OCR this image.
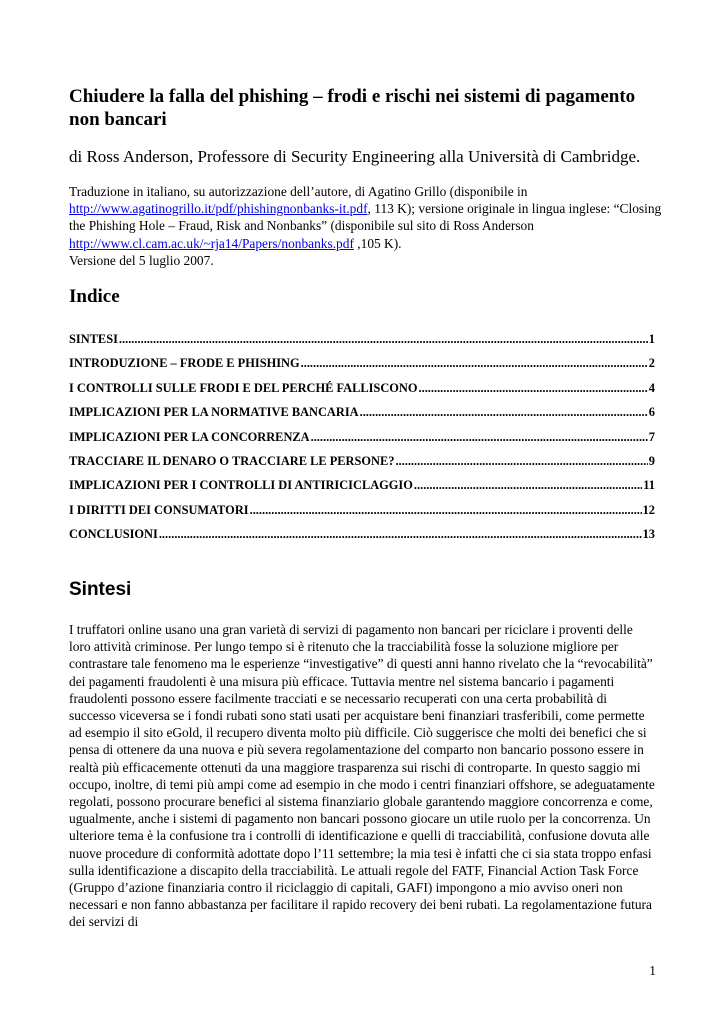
Chiudere la falla del phishing – frodi e rischi nei sistemi di pagamento non bancari

di Ross Anderson, Professore di Security Engineering alla Università di Cambridge.

Traduzione in italiano, su autorizzazione dell’autore, di Agatino Grillo (disponibile in http://www.agatinogrillo.it/pdf/phishingnonbanks-it.pdf, 113 K); versione originale in lingua inglese: “Closing the Phishing Hole – Fraud, Risk and Nonbanks” (disponibile sul sito di Ross Anderson http://www.cl.cam.ac.uk/~rja14/Papers/nonbanks.pdf ,105 K).
Versione del 5 luglio 2007.

Indice
SINTESI .....	1
INTRODUZIONE – FRODE E PHISHING .....	2
I CONTROLLI SULLE FRODI E DEL PERCHÉ FALLISCONO .....	4
IMPLICAZIONI PER LA NORMATIVE BANCARIA .....	6
IMPLICAZIONI PER LA CONCORRENZA .....	7
TRACCIARE IL DENARO O TRACCIARE LE PERSONE? .....	9
IMPLICAZIONI PER I CONTROLLI DI ANTIRICICLAGGIO .....	11
I DIRITTI DEI CONSUMATORI .....	12
CONCLUSIONI .....	13
Sintesi

I truffatori online usano una gran varietà di servizi di pagamento non bancari per riciclare i proventi delle loro attività criminose. Per lungo tempo si è ritenuto che la tracciabilità fosse la soluzione migliore per contrastare tale fenomeno ma le esperienze “investigative” di questi anni hanno rivelato che la “revocabilità” dei pagamenti fraudolenti è una misura più efficace. Tuttavia mentre nel sistema bancario i pagamenti fraudolenti possono essere facilmente tracciati e se necessario recuperati con una certa probabilità di successo viceversa se i fondi rubati sono stati usati per acquistare beni finanziari trasferibili, come permette ad esempio il sito eGold, il recupero diventa molto più difficile. Ciò suggerisce che molti dei benefici che si pensa di ottenere da una nuova e più severa regolamentazione del comparto non bancario possono essere in realtà più efficacemente ottenuti da una maggiore trasparenza sui rischi di controparte. In questo saggio mi occupo, inoltre, di temi più ampi come ad esempio in che modo i centri finanziari offshore, se adeguatamente regolati, possono procurare benefici al sistema finanziario globale garantendo maggiore concorrenza e come, ugualmente, anche i sistemi di pagamento non bancari possono giocare un utile ruolo per la concorrenza. Un ulteriore tema è la confusione tra i controlli di identificazione e quelli di tracciabilità, confusione dovuta alle nuove procedure di conformità adottate dopo l’11 settembre; la mia tesi è infatti che ci sia stata troppo enfasi sulla identificazione a discapito della tracciabilità. Le attuali regole del FATF, Financial Action Task Force (Gruppo d’azione finanziaria contro il riciclaggio di capitali, GAFI) impongono a mio avviso oneri non necessari e non fanno abbastanza per facilitare il rapido recovery dei beni rubati. La regolamentazione futura dei servizi di

1
